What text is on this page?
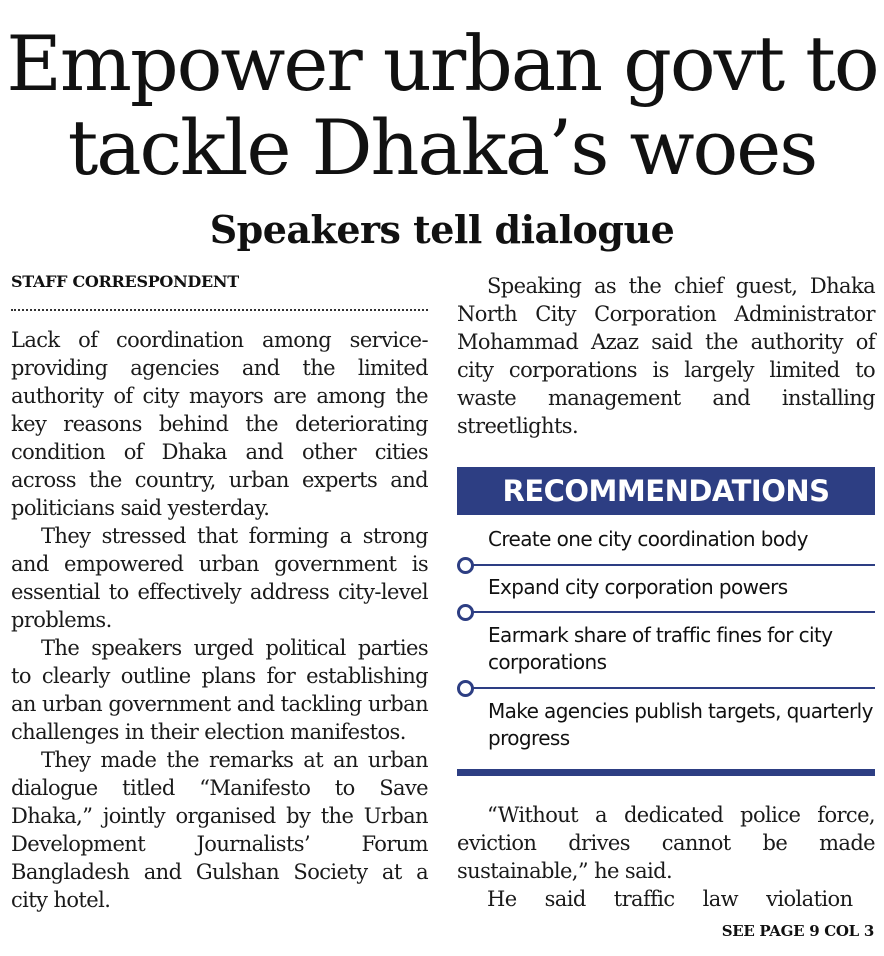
Empower urban govt to
tackle Dhaka’s woes
Speakers tell dialogue
STAFF CORRESPONDENT

Lack of coordination among service-providing agencies and the limited authority of city mayors are among the key reasons behind the deteriorating condition of Dhaka and other cities across the country, urban experts and politicians said yesterday.

They stressed that forming a strong and empowered urban government is essential to effectively address city-level problems.

The speakers urged political parties to clearly outline plans for establishing an urban government and tackling urban challenges in their election manifestos.

They made the remarks at an urban dialogue titled “Manifesto to Save Dhaka,” jointly organised by the Urban Development Journalists’ Forum Bangladesh and Gulshan Society at a city hotel.

Speaking as the chief guest, Dhaka North City Corporation Administrator Mohammad Azaz said the authority of city corporations is largely limited to waste management and installing streetlights.

RECOMMENDATIONS
Create one city coordination body
Expand city corporation powers
Earmark share of traffic fines for city corporations
Make agencies publish targets, quarterly progress

“Without a dedicated police force, eviction drives cannot be made sustainable,” he said.

He said traffic law violation

SEE PAGE 9 COL 3
